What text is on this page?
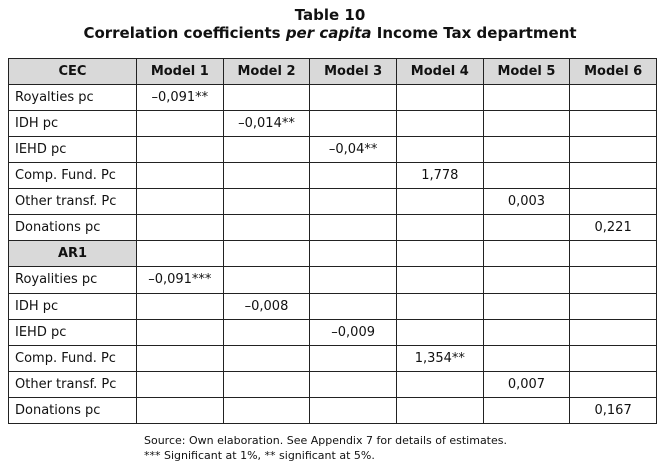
Table 10
Correlation coefficients per capita Income Tax department
CEC	Model 1	Model 2	Model 3	Model 4	Model 5	Model 6
Royalties pc	–0,091**					
IDH pc		–0,014**				
IEHD pc			–0,04**			
Comp. Fund. Pc				1,778		
Other transf. Pc					0,003	
Donations pc						0,221
AR1						
Royalities pc	–0,091***					
IDH pc		–0,008				
IEHD pc			–0,009			
Comp. Fund. Pc				1,354**		
Other transf. Pc					0,007	
Donations pc						0,167
Source: Own elaboration. See Appendix 7 for details of estimates.
*** Significant at 1%, ** significant at 5%.
